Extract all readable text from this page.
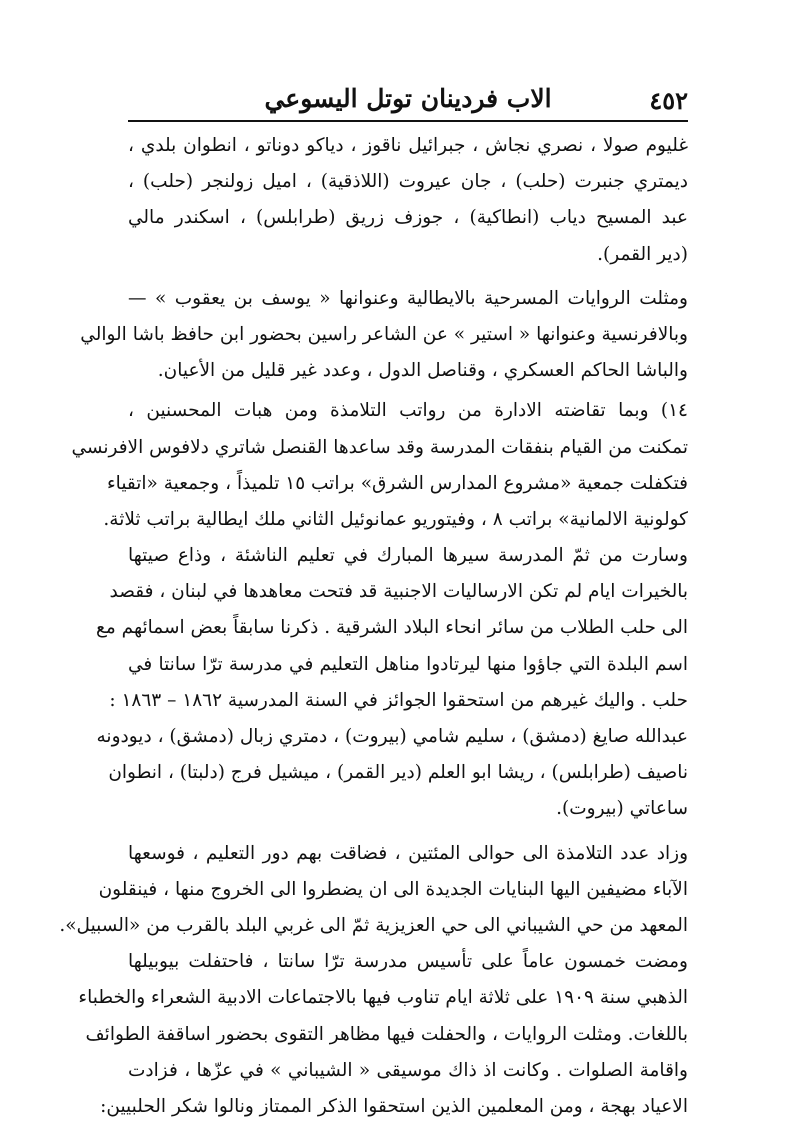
٤٥٢
الاب فردينان توتل اليسوعي
غليوم صولا ، نصري نجاش ، جبرائيل ناقوز ، دياكو دوناتو ، انطوان بلدي ،
ديمتري جنبرت (حلب) ، جان عيروت (اللاذقية) ، اميل زولنجر (حلب) ،
عبد المسيح دياب (انطاكية) ، جوزف زريق (طرابلس) ، اسكندر مالي
(دير القمر).
ومثلت الروايات المسرحية بالايطالية وعنوانها « يوسف بن يعقوب » —
وبالافرنسية وعنوانها « استير » عن الشاعر راسين بحضور ابن حافظ باشا الوالي
والباشا الحاكم العسكري ، وقناصل الدول ، وعدد غير قليل من الأعيان.
١٤) وبما تقاضته الادارة من رواتب التلامذة ومن هبات المحسنين ،
تمكنت من القيام بنفقات المدرسة وقد ساعدها القنصل شاتري دلافوس الافرنسي
فتكفلت جمعية «مشروع المدارس الشرق» براتب ١٥ تلميذاً ، وجمعية «اتقياء
كولونية الالمانية» براتب ٨ ، وفيتوريو عمانوئيل الثاني ملك ايطالية براتب ثلاثة.
وسارت من ثمّ المدرسة سيرها المبارك في تعليم الناشئة ، وذاع صيتها
بالخيرات ايام لم تكن الارساليات الاجنبية قد فتحت معاهدها في لبنان ، فقصد
الى حلب الطلاب من سائر انحاء البلاد الشرقية . ذكرنا سابقاً بعض اسمائهم مع
اسم البلدة التي جاؤوا منها ليرتادوا مناهل التعليم في مدرسة ترّا سانتا في
حلب . واليك غيرهم من استحقوا الجوائز في السنة المدرسية ١٨٦٢ – ١٨٦٣ :
عبدالله صايغ (دمشق) ، سليم شامي (بيروت) ، دمتري زبال (دمشق) ، ديودونه
ناصيف (طرابلس) ، ريشا ابو العلم (دير القمر) ، ميشيل فرج (دلبتا) ، انطوان
ساعاتي (بيروت).
وزاد عدد التلامذة الى حوالى المئتين ، فضاقت بهم دور التعليم ، فوسعها
الآباء مضيفين اليها البنايات الجديدة الى ان يضطروا الى الخروج منها ، فينقلون
المعهد من حي الشيباني الى حي العزيزية ثمّ الى غربي البلد بالقرب من «السبيل».
ومضت خمسون عاماً على تأسيس مدرسة ترّا سانتا ، فاحتفلت بيوبيلها
الذهبي سنة ١٩٠٩ على ثلاثة ايام تناوب فيها بالاجتماعات الادبية الشعراء والخطباء
باللغات. ومثلت الروايات ، والحفلت فيها مظاهر التقوى بحضور اساقفة الطوائف
واقامة الصلوات . وكانت اذ ذاك موسيقى « الشيباني » في عزّها ، فزادت
الاعياد بهجة ، ومن المعلمين الذين استحقوا الذكر الممتاز ونالوا شكر الحلبيين:
